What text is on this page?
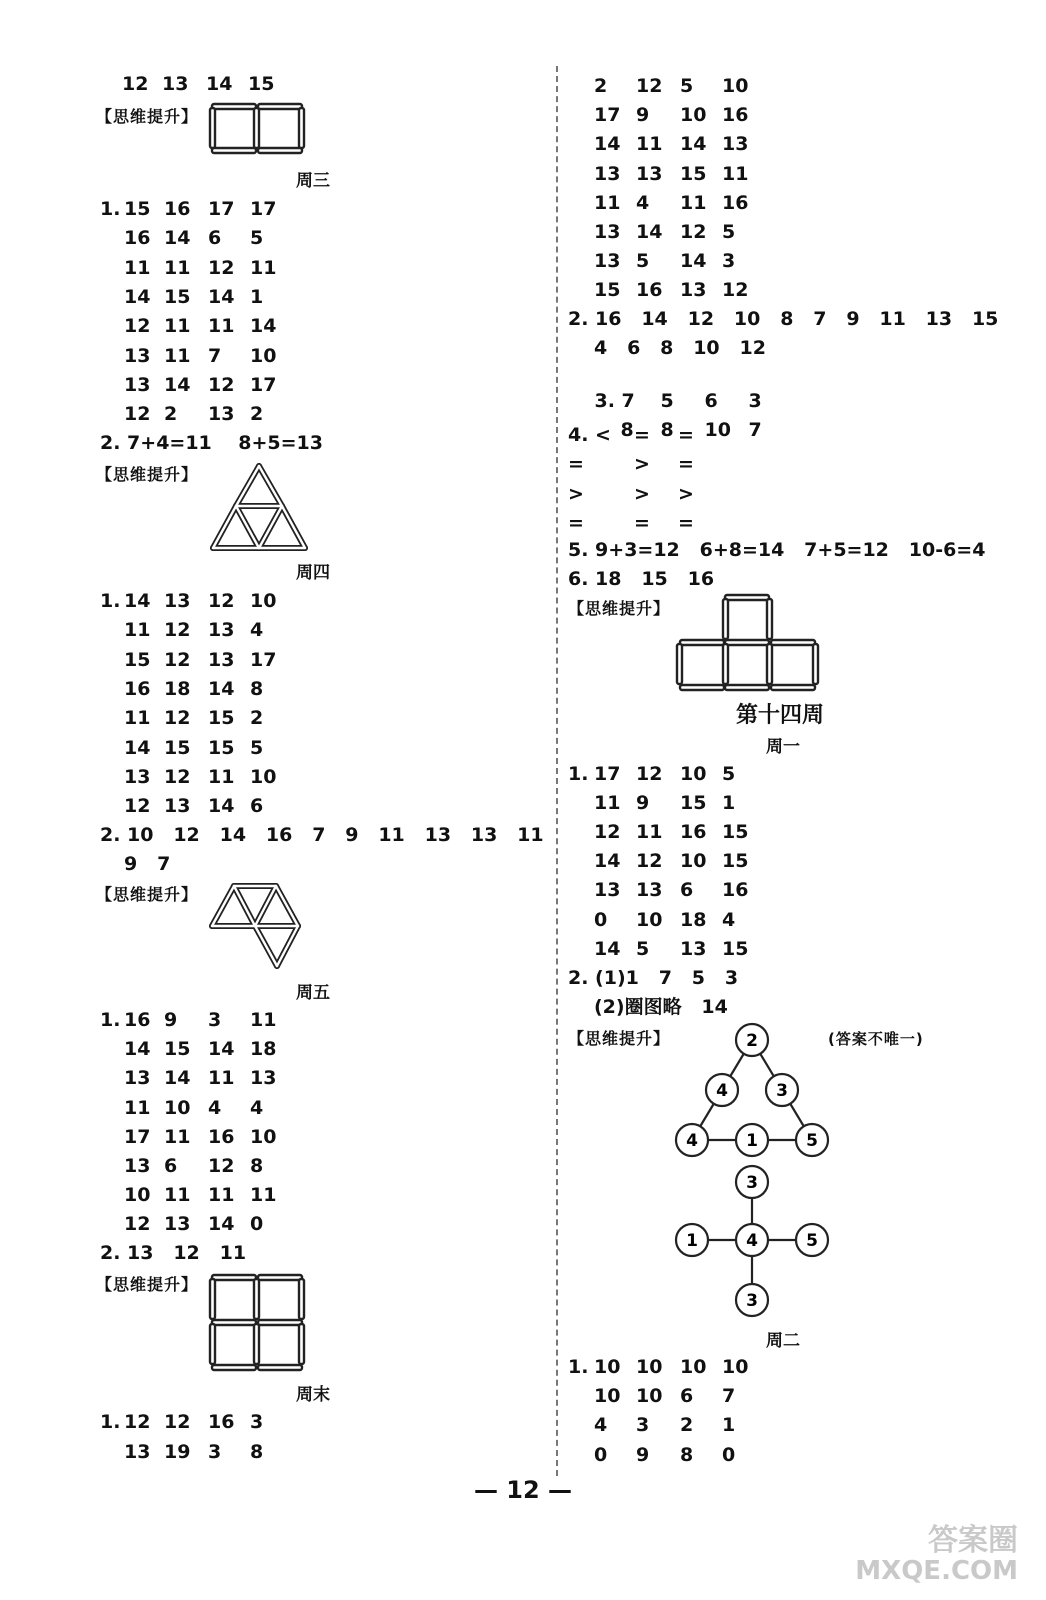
12 13 14 15
【思维提升】
周三
1. 15 16 17 17
16 14 6	5
11 11 12 11
14 15 14 1
12 11 11 14
13 11 7	10
13 14 12 17
12 2	13 2
2. 7+4=11    8+5=13
【思维提升】
周四
1. 14 13 12 10
11 12 13 4
15 12 13 17
16 18 14 8
11 12 15 2
14 15 15 5
13 12 11 10
12 13 14 6
2. 10   12   14   16   7   9   11   13   13   11
9   7
【思维提升】
周五
1. 16 9	3	11
14 15 14 18
13 14 11 13
11 10 4	4
17 11 16 10
13 6	12 8
10 11 11 11
12 13 14 0
2. 13   12   11
【思维提升】
周末
1. 12 12 16 3
13 19 3	8
2	12 5	10
17 9	10 16
14 11 14 13
13 13 15 11
11 4	11 16
13 14 12 5
13 5	14 3
15 16 13 12
2. 16   14   12   10   8   7   9   11   13   15
4   6   8   10   12

3. 7 5 6 3

8 8 10 7

4. <	=	=
=	>	=
>	>	>
=	=	=
5. 9+3=12   6+8=14   7+5=12   10-6=4
6. 18   15   16
【思维提升】
第十四周
周一
1. 17 12 10 5
11 9	15 1
12 11 16 15
14 12 10 15
13 13 6	16
0	10 18 4
14 5	13 15
2. (1)1   7   5   3
(2)圈图略   14
【思维提升】	(答案不唯一)
2
4	3
4	1	5
3
1	4	5
3
周二
1. 10 10 10 10
10 10 6	7
4	3	2	1
0	9	8	0
— 12 —
答案圈
MXQE.COM
